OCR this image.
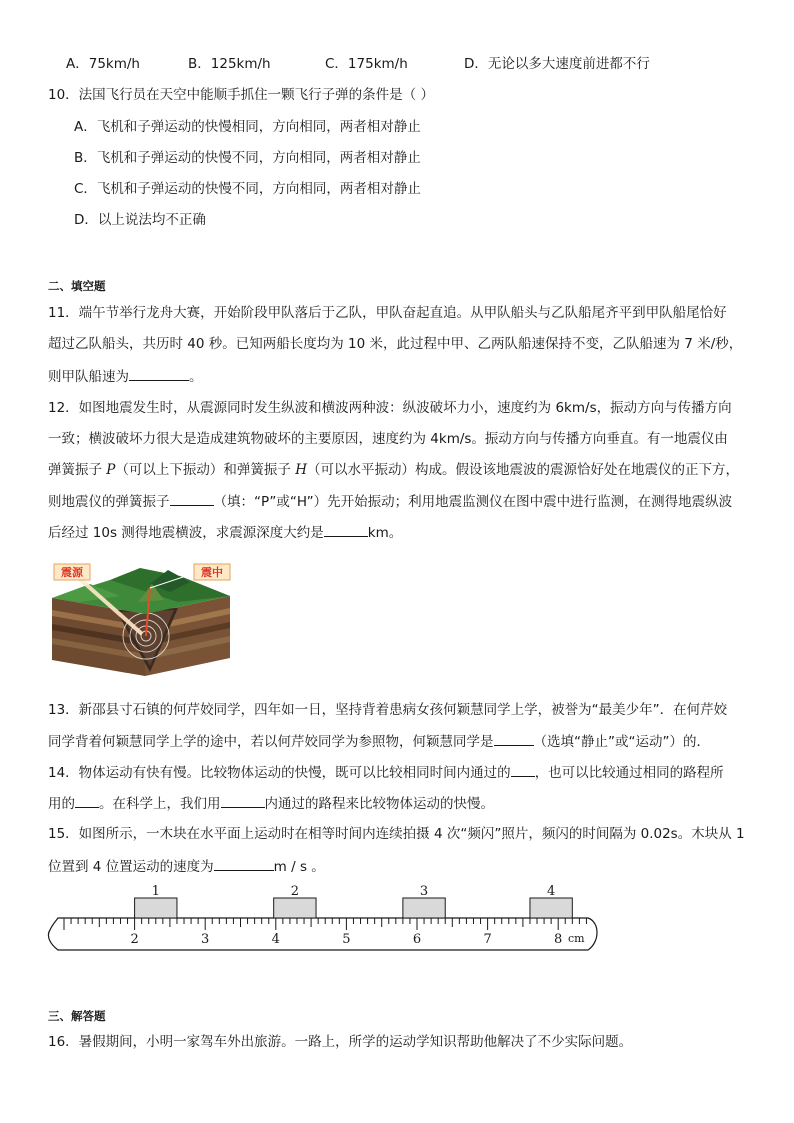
A．75km/h	B．125km/h	C．175km/h	D．无论以多大速度前进都不行
10．法国飞行员在天空中能顺手抓住一颗飞行子弹的条件是（ ）
A．飞机和子弹运动的快慢相同，方向相同，两者相对静止
B．飞机和子弹运动的快慢不同，方向相同，两者相对静止
C．飞机和子弹运动的快慢不同，方向相同，两者相对静止
D．以上说法均不正确
二、填空题
11．端午节举行龙舟大赛，开始阶段甲队落后于乙队，甲队奋起直追。从甲队船头与乙队船尾齐平到甲队船尾恰好
超过乙队船头，共历时 40 秒。已知两船长度均为 10 米，此过程中甲、乙两队船速保持不变，乙队船速为 7 米/秒，
则甲队船速为	。
12．如图地震发生时，从震源同时发生纵波和横波两种波：纵波破坏力小，速度约为 6km/s，振动方向与传播方向
一致；横波破坏力很大是造成建筑物破坏的主要原因，速度约为 4km/s。振动方向与传播方向垂直。有一地震仪由
弹簧振子 P（可以上下振动）和弹簧振子 H（可以水平振动）构成。假设该地震波的震源恰好处在地震仪的正下方，
则地震仪的弹簧振子	（填：“P”或“H”）先开始振动；利用地震监测仪在图中震中进行监测，在测得地震纵波
后经过 10s 测得地震横波，求震源深度大约是	km。
震源	震中
13．新邵县寸石镇的何芹姣同学，四年如一日，坚持背着患病女孩何颖慧同学上学，被誉为“最美少年”．在何芹姣
同学背着何颖慧同学上学的途中，若以何芹姣同学为参照物，何颖慧同学是	（选填“静止”或“运动”）的．
14．物体运动有快有慢。比较物体运动的快慢，既可以比较相同时间内通过的 ，也可以比较通过相同的路程所
用的 。在科学上，我们用	内通过的路程来比较物体运动的快慢。
15．如图所示，一木块在水平面上运动时在相等时间内连续拍摄 4 次“频闪”照片，频闪的时间隔为 0.02s。木块从 1
位置到 4 位置运动的速度为	m / s 。
2	3	4	5	6	7	8
1	2	3	4
cm
三、解答题
16．暑假期间，小明一家驾车外出旅游。一路上，所学的运动学知识帮助他解决了不少实际问题。
